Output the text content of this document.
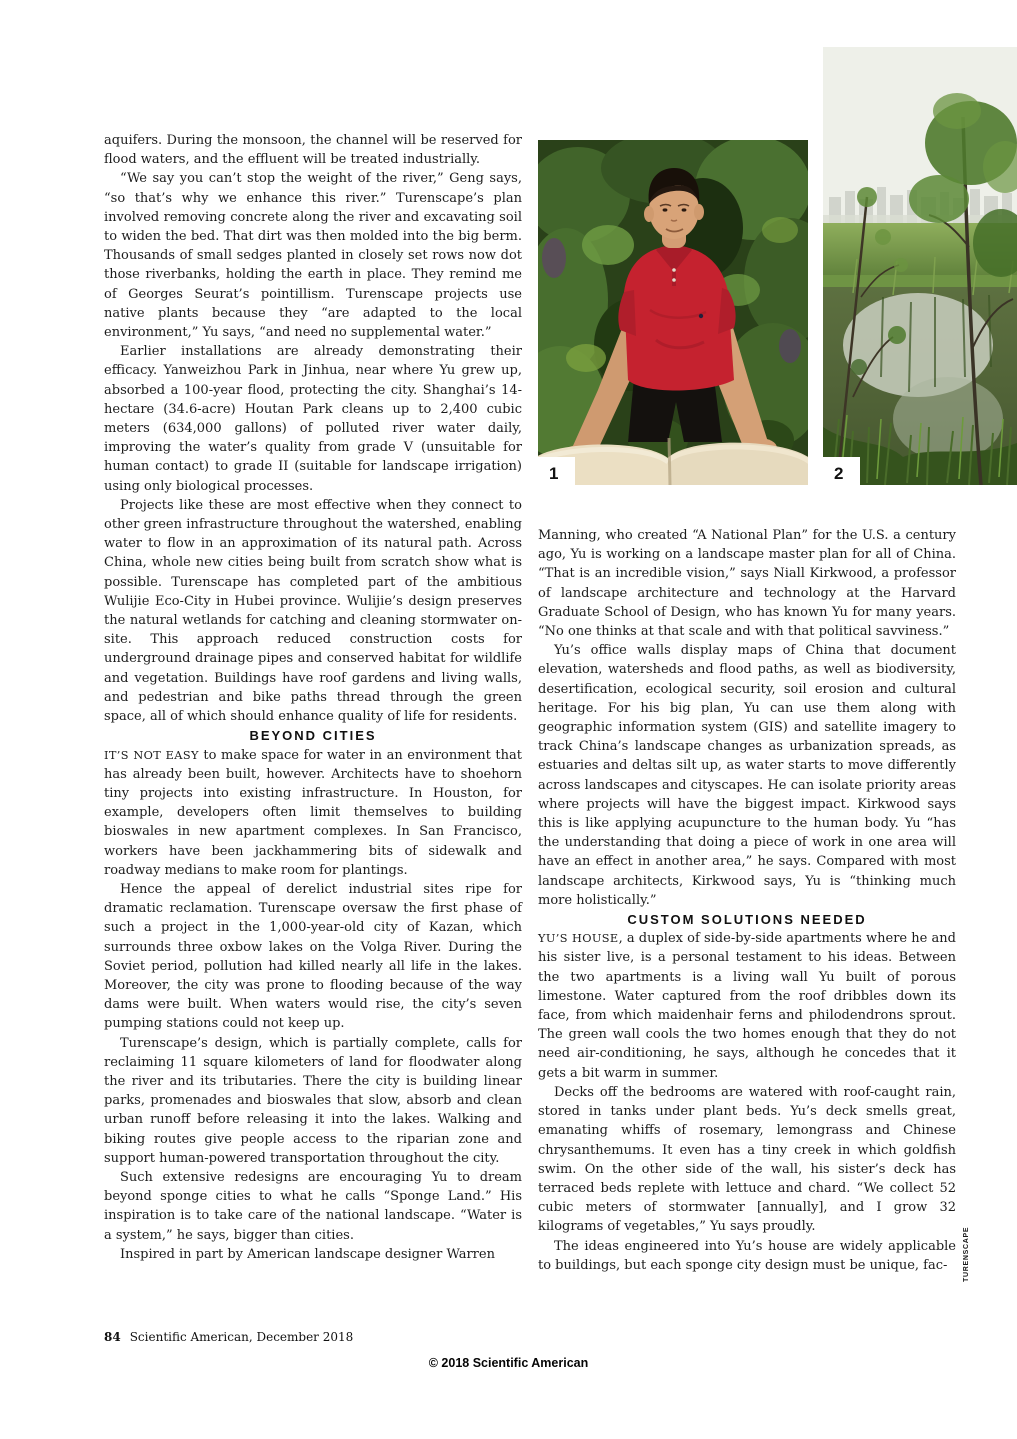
1	2

aquifers. During the monsoon, the channel will be reserved for flood waters, and the effluent will be treated industrially.

“We say you can’t stop the weight of the river,” Geng says, “so that’s why we enhance this river.” Turenscape’s plan involved removing concrete along the river and excavating soil to widen the bed. That dirt was then molded into the big berm. Thousands of small sedges planted in closely set rows now dot those riverbanks, holding the earth in place. They remind me of Georges Seurat’s pointillism. Turenscape projects use native plants because they “are adapted to the local environment,” Yu says, “and need no supplemental water.”

Earlier installations are already demonstrating their efficacy. Yanweizhou Park in Jinhua, near where Yu grew up, absorbed a 100-year flood, protecting the city. Shanghai’s 14-hectare (34.6-acre) Houtan Park cleans up to 2,400 cubic meters (634,000 gallons) of polluted river water daily, improving the water’s quality from grade V (unsuitable for human contact) to grade II (suitable for landscape irrigation) using only biological processes.

Projects like these are most effective when they connect to other green infrastructure throughout the watershed, enabling water to flow in an approximation of its natural path. Across China, whole new cities being built from scratch show what is possible. Turenscape has completed part of the ambitious Wulijie Eco-City in Hubei province. Wulijie’s design preserves the natural wetlands for catching and cleaning stormwater on-site. This approach reduced construction costs for underground drainage pipes and conserved habitat for wildlife and vegetation. Buildings have roof gardens and living walls, and pedestrian and bike paths thread through the green space, all of which should enhance quality of life for residents.

BEYOND CITIES

IT’S NOT EASY to make space for water in an environment that has already been built, however. Architects have to shoehorn tiny projects into existing infrastructure. In Houston, for example, developers often limit themselves to building bioswales in new apartment complexes. In San Francisco, workers have been jackhammering bits of sidewalk and roadway medians to make room for plantings.

Hence the appeal of derelict industrial sites ripe for dramatic reclamation. Turenscape oversaw the first phase of such a project in the 1,000-year-old city of Kazan, which surrounds three oxbow lakes on the Volga River. During the Soviet period, pollution had killed nearly all life in the lakes. Moreover, the city was prone to flooding because of the way dams were built. When waters would rise, the city’s seven pumping stations could not keep up.

Turenscape’s design, which is partially complete, calls for reclaiming 11 square kilometers of land for floodwater along the river and its tributaries. There the city is building linear parks, promenades and bioswales that slow, absorb and clean urban runoff before releasing it into the lakes. Walking and biking routes give people access to the riparian zone and support human-powered transportation throughout the city.

Such extensive redesigns are encouraging Yu to dream beyond sponge cities to what he calls “Sponge Land.” His inspiration is to take care of the national landscape. “Water is a system,” he says, bigger than cities.

Inspired in part by American landscape designer Warren

Manning, who created “A National Plan” for the U.S. a century ago, Yu is working on a landscape master plan for all of China. “That is an incredible vision,” says Niall Kirkwood, a professor of landscape architecture and technology at the Harvard Graduate School of Design, who has known Yu for many years. “No one thinks at that scale and with that political savviness.”

Yu’s office walls display maps of China that document elevation, watersheds and flood paths, as well as biodiversity, desertification, ecological security, soil erosion and cultural heritage. For his big plan, Yu can use them along with geographic information system (GIS) and satellite imagery to track China’s landscape changes as urbanization spreads, as estuaries and deltas silt up, as water starts to move differently across landscapes and cityscapes. He can isolate priority areas where projects will have the biggest impact. Kirkwood says this is like applying acupuncture to the human body. Yu “has the understanding that doing a piece of work in one area will have an effect in another area,” he says. Compared with most landscape architects, Kirkwood says, Yu is “thinking much more holistically.”

CUSTOM SOLUTIONS NEEDED

YU’S HOUSE, a duplex of side-by-side apartments where he and his sister live, is a personal testament to his ideas. Between the two apartments is a living wall Yu built of porous limestone. Water captured from the roof dribbles down its face, from which maidenhair ferns and philodendrons sprout. The green wall cools the two homes enough that they do not need air-conditioning, he says, although he concedes that it gets a bit warm in summer.

Decks off the bedrooms are watered with roof-caught rain, stored in tanks under plant beds. Yu’s deck smells great, emanating whiffs of rosemary, lemongrass and Chinese chrysanthemums. It even has a tiny creek in which goldfish swim. On the other side of the wall, his sister’s deck has terraced beds replete with lettuce and chard. “We collect 52 cubic meters of stormwater [annually], and I grow 32 kilograms of vegetables,” Yu says proudly.

The ideas engineered into Yu’s house are widely applicable to buildings, but each sponge city design must be unique, fac-

84 Scientific American, December 2018
© 2018 Scientific American
TURENSCAPE
